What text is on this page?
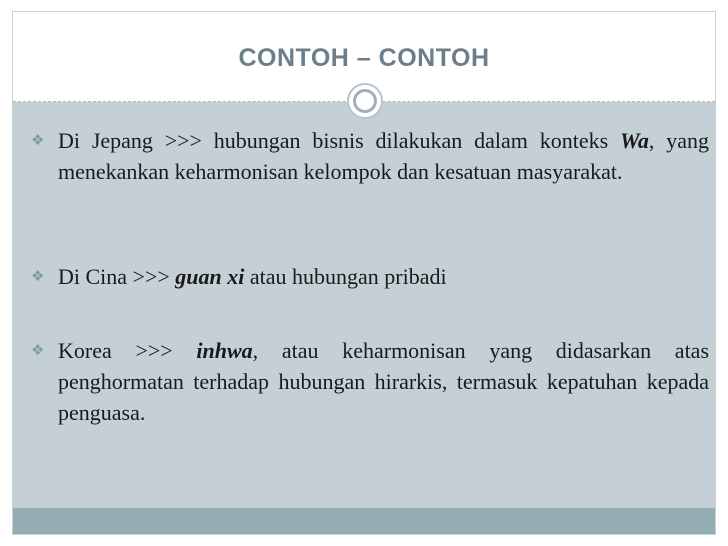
CONTOH – CONTOH
❖ Di Jepang >>> hubungan bisnis dilakukan dalam konteks Wa, yang menekankan keharmonisan kelompok dan kesatuan masyarakat.
❖ Di Cina >>> guan xi atau hubungan pribadi
❖ Korea >>> inhwa, atau keharmonisan yang didasarkan atas penghormatan terhadap hubungan hirarkis, termasuk kepatuhan kepada penguasa.
